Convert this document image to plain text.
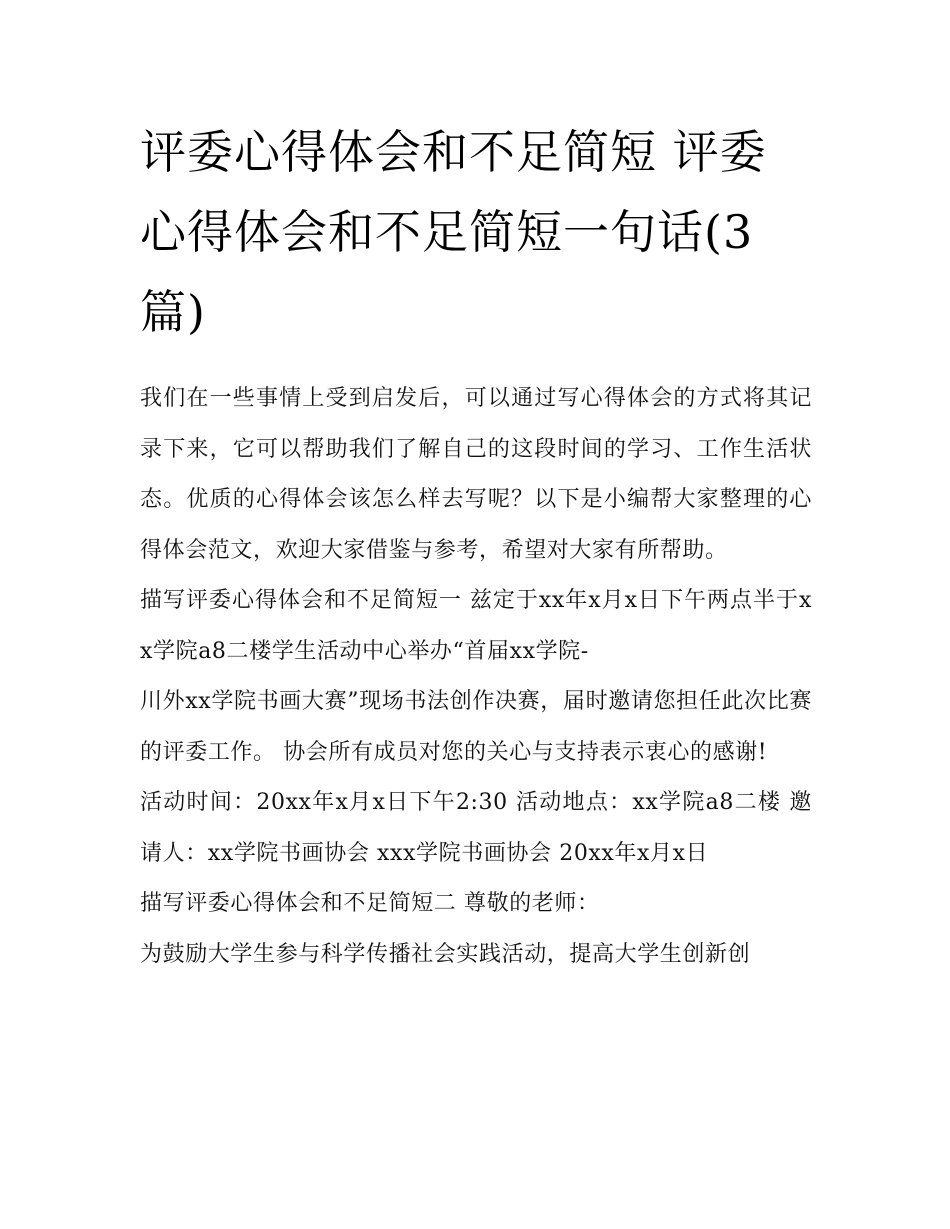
评委心得体会和不足简短 评委心得体会和不足简短一句话(3篇)

我们在一些事情上受到启发后，可以通过写心得体会的方式将其记录下来，它可以帮助我们了解自己的这段时间的学习、工作生活状态。优质的心得体会该怎么样去写呢？以下是小编帮大家整理的心得体会范文，欢迎大家借鉴与参考，希望对大家有所帮助。

描写评委心得体会和不足简短一 兹定于xx年x月x日下午两点半于xx学院a8二楼学生活动中心举办“首届xx学院-
川外xx学院书画大赛”现场书法创作决赛，届时邀请您担任此次比赛的评委工作。 协会所有成员对您的关心与支持表示衷心的感谢!

活动时间：20xx年x月x日下午2:30 活动地点：xx学院a8二楼 邀请人：xx学院书画协会 xxx学院书画协会 20xx年x月x日

描写评委心得体会和不足简短二 尊敬的老师：

为鼓励大学生参与科学传播社会实践活动，提高大学生创新创
